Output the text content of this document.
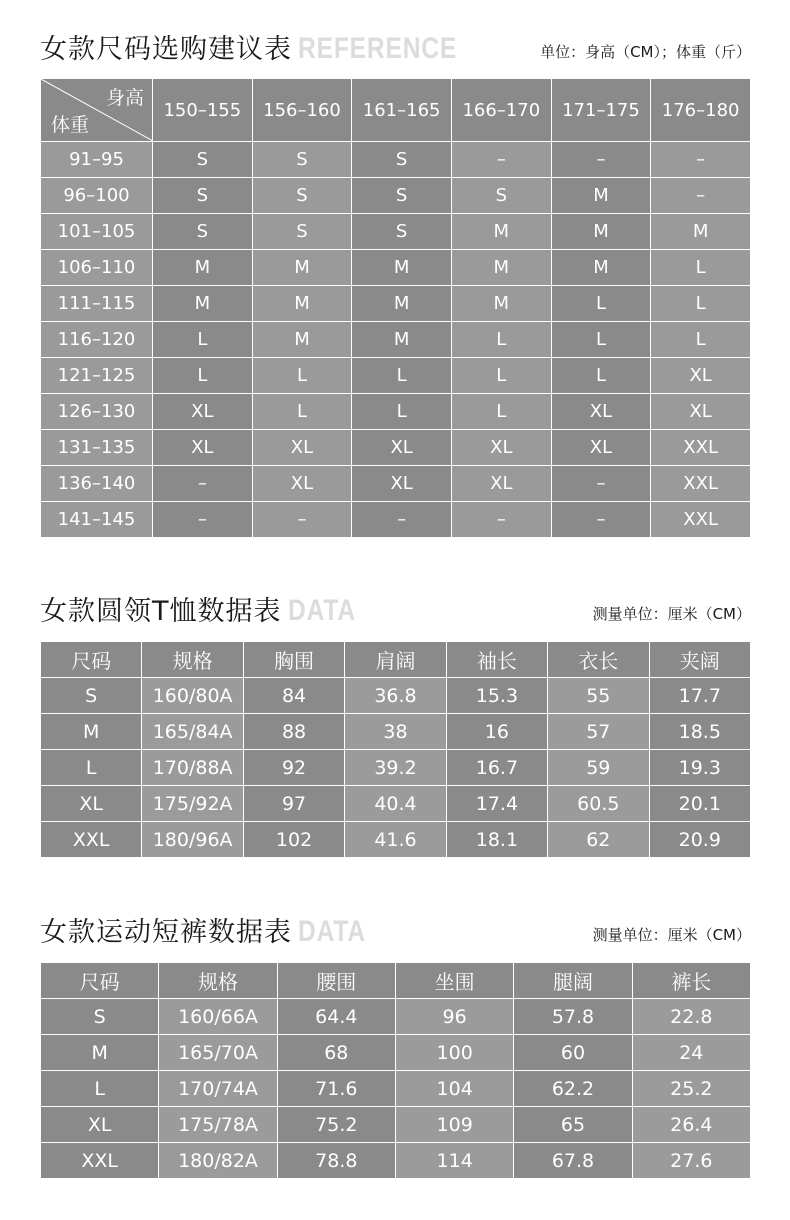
女款尺码选购建议表 REFERENCE	单位：身高（CM）；体重（斤）
身高
体重	150–155	156–160	161–165	166–170	171–175	176–180
91–95	S	S	S	–	–	–
96–100	S	S	S	S	M	–
101–105	S	S	S	M	M	M
106–110	M	M	M	M	M	L
111–115	M	M	M	M	L	L
116–120	L	M	M	L	L	L
121–125	L	L	L	L	L	XL
126–130	XL	L	L	L	XL	XL
131–135	XL	XL	XL	XL	XL	XXL
136–140	–	XL	XL	XL	–	XXL
141–145	–	–	–	–	–	XXL
女款圆领T恤数据表 DATA	测量单位：厘米（CM）
尺码	规格	胸围	肩阔	袖长	衣长	夹阔
S	160/80A	84	36.8	15.3	55	17.7
M	165/84A	88	38	16	57	18.5
L	170/88A	92	39.2	16.7	59	19.3
XL	175/92A	97	40.4	17.4	60.5	20.1
XXL	180/96A	102	41.6	18.1	62	20.9
女款运动短裤数据表 DATA	测量单位：厘米（CM）
尺码	规格	腰围	坐围	腿阔	裤长
S	160/66A	64.4	96	57.8	22.8
M	165/70A	68	100	60	24
L	170/74A	71.6	104	62.2	25.2
XL	175/78A	75.2	109	65	26.4
XXL	180/82A	78.8	114	67.8	27.6
